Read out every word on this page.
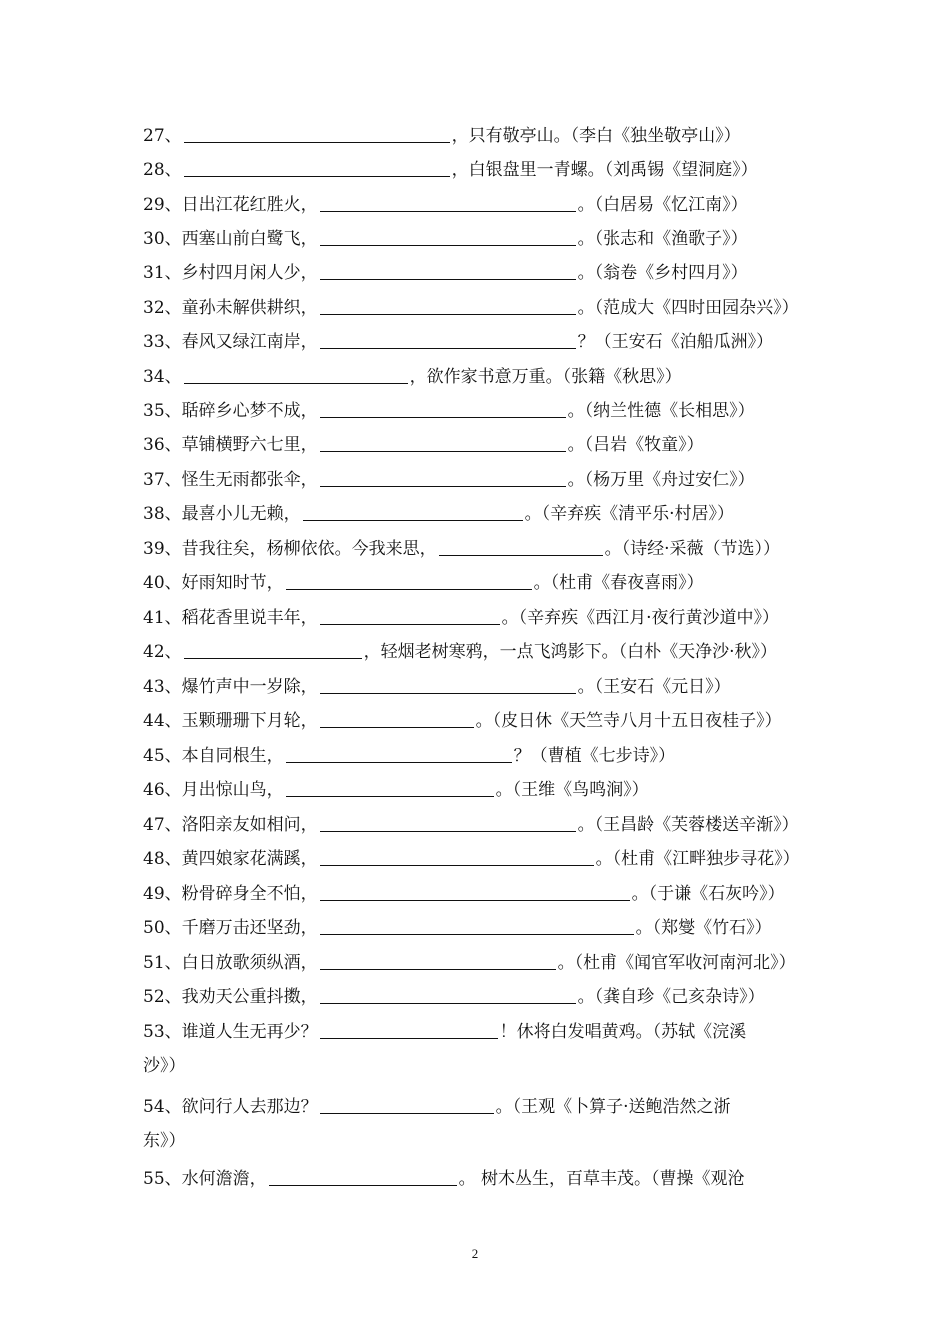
27、	，只有敬亭山。（李白《独坐敬亭山》）
28、	，白银盘里一青螺。（刘禹锡《望洞庭》）
29、日出江花红胜火，	。（白居易《忆江南》）
30、西塞山前白鹭飞，	。（张志和《渔歌子》）
31、乡村四月闲人少，	。（翁卷《乡村四月》）
32、童孙未解供耕织，	。（范成大《四时田园杂兴》）
33、春风又绿江南岸，	？（王安石《泊船瓜洲》）
34、	，欲作家书意万重。（张籍《秋思》）
35、聒碎乡心梦不成，	。（纳兰性德《长相思》）
36、草铺横野六七里，	。（吕岩《牧童》）
37、怪生无雨都张伞，	。（杨万里《舟过安仁》）
38、最喜小儿无赖，	。（辛弃疾《清平乐·村居》）
39、昔我往矣，杨柳依依。今我来思，	。（诗经·采薇（节选））
40、好雨知时节，	。（杜甫《春夜喜雨》）
41、稻花香里说丰年，	。（辛弃疾《西江月·夜行黄沙道中》）
42、	，轻烟老树寒鸦，一点飞鸿影下。（白朴《天净沙·秋》）
43、爆竹声中一岁除，	。（王安石《元日》）
44、玉颗珊珊下月轮，	。（皮日休《天竺寺八月十五日夜桂子》）
45、本自同根生，	？（曹植《七步诗》）
46、月出惊山鸟，	。（王维《鸟鸣涧》）
47、洛阳亲友如相问，	。（王昌龄《芙蓉楼送辛渐》）
48、黄四娘家花满蹊，	。（杜甫《江畔独步寻花》）
49、粉骨碎身全不怕，	。（于谦《石灰吟》）
50、千磨万击还坚劲，	。（郑燮《竹石》）
51、白日放歌须纵酒，	。（杜甫《闻官军收河南河北》）
52、我劝天公重抖擞，	。（龚自珍《己亥杂诗》）
53、谁道人生无再少？	！休将白发唱黄鸡。（苏轼《浣溪
沙》）
54、欲问行人去那边？	。（王观《卜算子·送鲍浩然之浙
东》）
55、水何澹澹，	。 树木丛生，百草丰茂。（曹操《观沧
2
